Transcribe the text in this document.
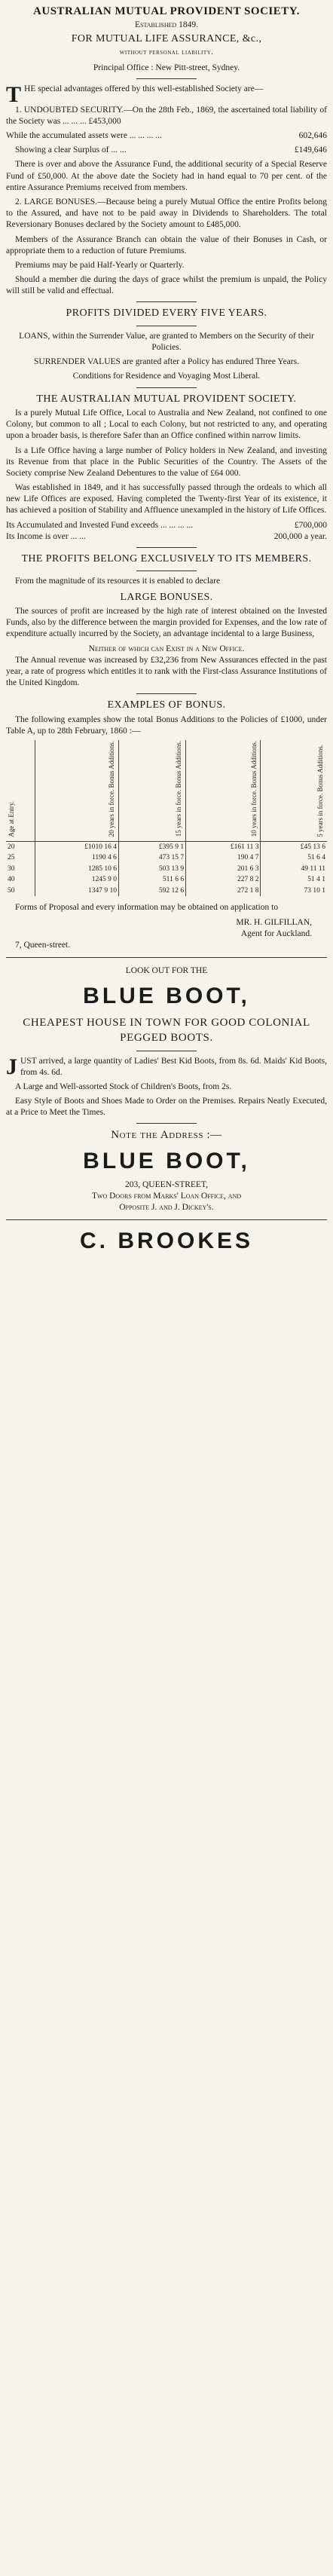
AUSTRALIAN MUTUAL PROVIDENT SOCIETY.
Established 1849.
FOR MUTUAL LIFE ASSURANCE, &c.,
without personal liability.
Principal Office : New Pitt-street, Sydney.

THE special advantages offered by this well-established Society are—

1. UNDOUBTED SECURITY.—On the 28th Feb., 1869, the ascertained total liability of the Society was ... ... ... £453,000

While the accumulated assets were ... ... ... ...	602,646
Showing a clear Surplus of ... ...	£149,646

There is over and above the Assurance Fund, the additional security of a Special Reserve Fund of £50,000. At the above date the Society had in hand equal to 70 per cent. of the entire Assurance Premiums received from members.

2. LARGE BONUSES.—Because being a purely Mutual Office the entire Profits belong to the Assured, and have not to be paid away in Dividends to Shareholders. The total Reversionary Bonuses declared by the Society amount to £485,000.

Members of the Assurance Branch can obtain the value of their Bonuses in Cash, or appropriate them to a reduction of future Premiums.

Premiums may be paid Half-Yearly or Quarterly.

Should a member die during the days of grace whilst the premium is unpaid, the Policy will still be valid and effectual.

PROFITS DIVIDED EVERY FIVE YEARS.

LOANS, within the Surrender Value, are granted to Members on the Security of their Policies.

SURRENDER VALUES are granted after a Policy has endured Three Years.

Conditions for Residence and Voyaging Most Liberal.

THE AUSTRALIAN MUTUAL PROVIDENT SOCIETY.

Is a purely Mutual Life Office, Local to Australia and New Zealand, not confined to one Colony, but common to all ; Local to each Colony, but not restricted to any, and operating upon a broader basis, is therefore Safer than an Office confined within narrow limits.

Is a Life Office having a large number of Policy holders in New Zealand, and investing its Revenue from that place in the Public Securities of the Country. The Assets of the Society comprise New Zealand Debentures to the value of £64 000.

Was established in 1849, and it has successfully passed through the ordeals to which all new Life Offices are exposed. Having completed the Twenty-first Year of its existence, it has achieved a position of Stability and Affluence unexampled in the history of Life Offices.

Its Accumulated and Invested Fund exceeds ... ... ... ...	£700,000
Its Income is over ... ...	200,000 a year.
THE PROFITS BELONG EXCLUSIVELY TO ITS MEMBERS.

From the magnitude of its resources it is enabled to declare

LARGE BONUSES.

The sources of profit are increased by the high rate of interest obtained on the Invested Funds, also by the difference between the margin provided for Expenses, and the low rate of expenditure actually incurred by the Society, an advantage incidental to a large Business,

Neither of which can Exist in a New Office.

The Annual revenue was increased by £32,236 from New Assurances effected in the past year, a rate of progress which entitles it to rank with the First-class Assurance Institutions of the United Kingdom.

EXAMPLES OF BONUS.

The following examples show the total Bonus Additions to the Policies of £1000, under Table A, up to 28th February, 1860 :—

Age at Entry.	20 years in force. Bonus Additions.	15 years in force. Bonus Additions.	10 years in force. Bonus Additions.	5 years in force. Bonus Additions.
20	£1010 16 4	£395 9 1	£161 11 3	£45 13 6
25	1190 4 6	473 15 7	190 4 7	51 6 4
30	1285 10 6	503 13 9	201 6 3	49 11 11
40	1245 9 0	511 6 6	227 8 2	51 4 1
50	1347 9 10	592 12 6	272 1 8	73 10 1

Forms of Proposal and every information may be obtained on application to

MR. H. GILFILLAN,
Agent for Auckland.
7, Queen-street.
LOOK OUT FOR THE
BLUE BOOT,
CHEAPEST HOUSE IN TOWN FOR GOOD COLONIAL PEGGED BOOTS.

JUST arrived, a large quantity of Ladies' Best Kid Boots, from 8s. 6d. Maids' Kid Boots, from 4s. 6d.

A Large and Well-assorted Stock of Children's Boots, from 2s.

Easy Style of Boots and Shoes Made to Order on the Premises. Repairs Neatly Executed, at a Price to Meet the Times.

Note the Address :—
BLUE BOOT,
203, QUEEN-STREET,
Two Doors from Marks' Loan Office, and
Opposite J. and J. Dickey's.
C. BROOKES
